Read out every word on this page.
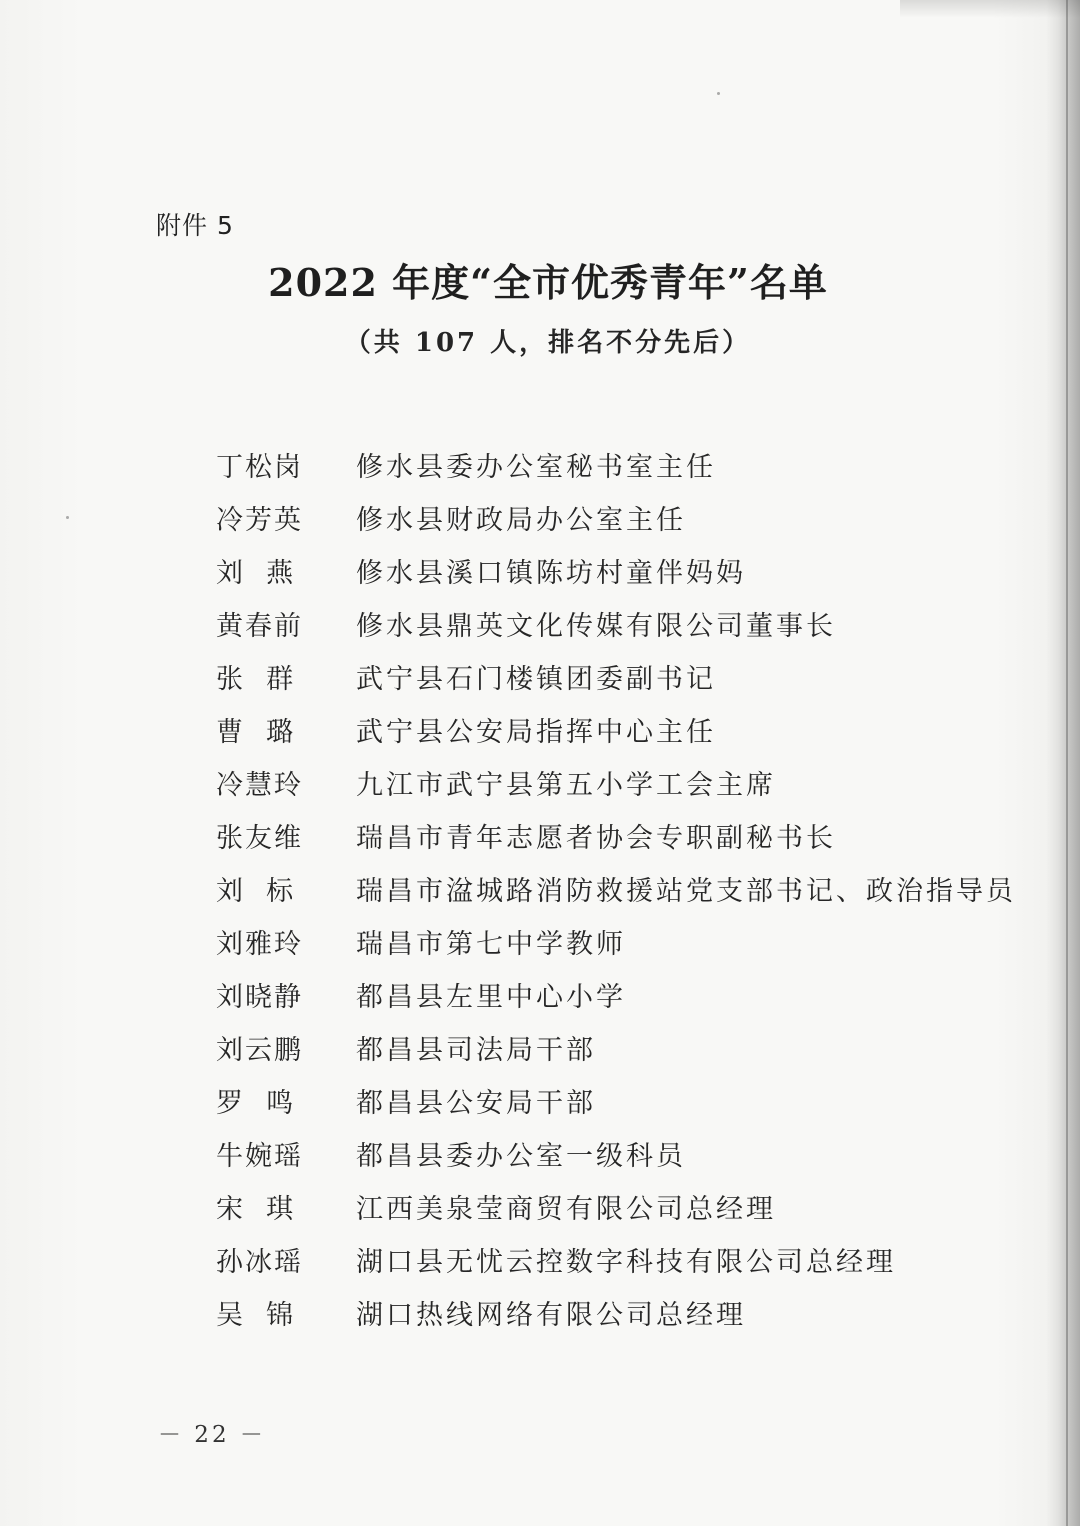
附件 5
2022 年度“全市优秀青年”名单
（共 107 人，排名不分先后）
丁松岗	修水县委办公室秘书室主任
冷芳英	修水县财政局办公室主任
刘  燕	修水县溪口镇陈坊村童伴妈妈
黄春前	修水县鼎英文化传媒有限公司董事长
张  群	武宁县石门楼镇团委副书记
曹  璐	武宁县公安局指挥中心主任
冷慧玲	九江市武宁县第五小学工会主席
张友维	瑞昌市青年志愿者协会专职副秘书长
刘  标	瑞昌市湓城路消防救援站党支部书记、政治指导员
刘雅玲	瑞昌市第七中学教师
刘晓静	都昌县左里中心小学
刘云鹏	都昌县司法局干部
罗  鸣	都昌县公安局干部
牛婉瑶	都昌县委办公室一级科员
宋  琪	江西美泉莹商贸有限公司总经理
孙冰瑶	湖口县无忧云控数字科技有限公司总经理
吴  锦	湖口热线网络有限公司总经理
－ 22 －
